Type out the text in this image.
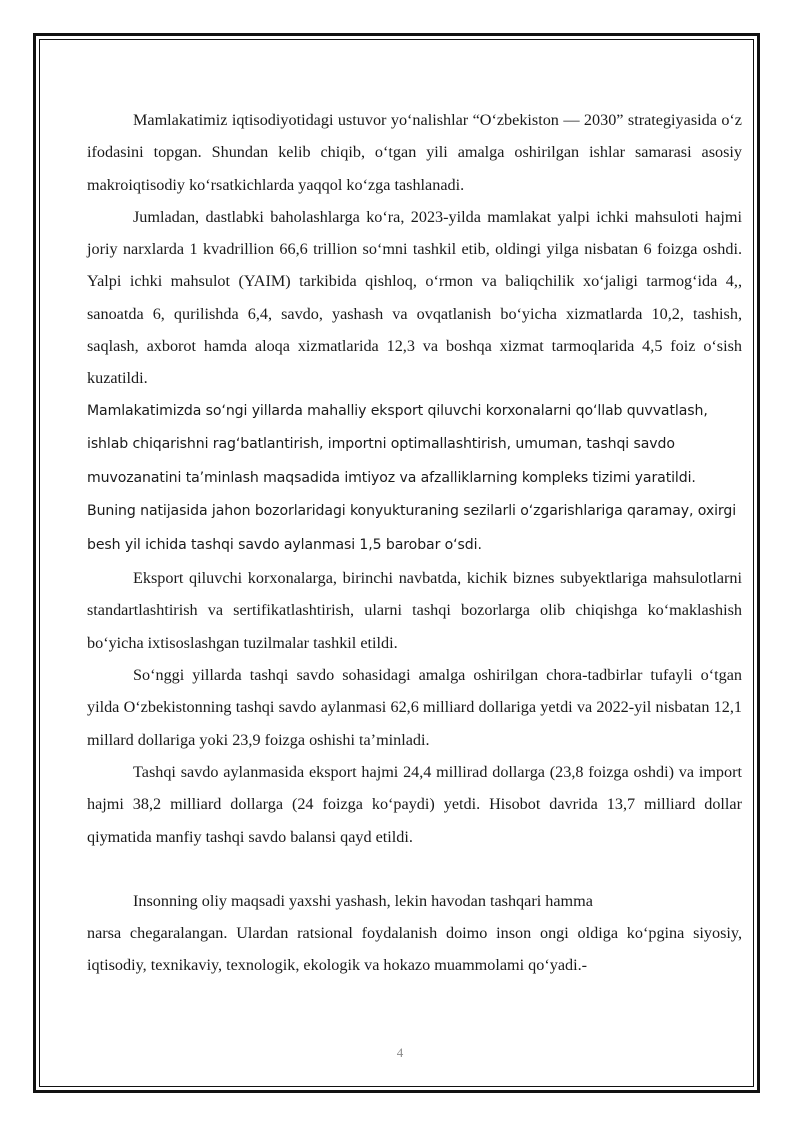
Mamlakatimiz iqtisodiyotidagi ustuvor yo‘nalishlar “O‘zbekiston — 2030” strategiyasida o‘z ifodasini topgan. Shundan kelib chiqib, o‘tgan yili amalga oshirilgan ishlar samarasi asosiy makroiqtisodiy ko‘rsatkichlarda yaqqol ko‘zga tashlanadi.

Jumladan, dastlabki baholashlarga ko‘ra, 2023-yilda mamlakat yalpi ichki mahsuloti hajmi joriy narxlarda 1 kvadrillion 66,6 trillion so‘mni tashkil etib, oldingi yilga nisbatan 6 foizga oshdi. Yalpi ichki mahsulot (YAIM) tarkibida qishloq, o‘rmon va baliqchilik xo‘jaligi tarmog‘ida 4,, sanoatda 6, qurilishda 6,4, savdo, yashash va ovqatlanish bo‘yicha xizmatlarda 10,2, tashish, saqlash, axborot hamda aloqa xizmatlarida 12,3 va boshqa xizmat tarmoqlarida 4,5 foiz o‘sish kuzatildi.

Mamlakatimizda so‘ngi yillarda mahalliy eksport qiluvchi korxonalarni qo‘llab quvvatlash, ishlab chiqarishni rag‘batlantirish, importni optimallashtirish, umuman, tashqi savdo muvozanatini ta’minlash maqsadida imtiyoz va afzalliklarning kompleks tizimi yaratildi. Buning natijasida jahon bozorlaridagi konyukturaning sezilarli o‘zgarishlariga qaramay, oxirgi besh yil ichida tashqi savdo aylanmasi 1,5 barobar o‘sdi.

Eksport qiluvchi korxonalarga, birinchi navbatda, kichik biznes subyektlariga mahsulotlarni standartlashtirish va sertifikatlashtirish, ularni tashqi bozorlarga olib chiqishga ko‘maklashish bo‘yicha ixtisoslashgan tuzilmalar tashkil etildi.

So‘nggi yillarda tashqi savdo sohasidagi amalga oshirilgan chora-tadbirlar tufayli o‘tgan yilda O‘zbekistonning tashqi savdo aylanmasi 62,6 milliard dollariga yetdi va 2022-yil nisbatan 12,1 millard dollariga yoki 23,9 foizga oshishi ta’minladi.

Tashqi savdo aylanmasida eksport hajmi 24,4 millirad dollarga (23,8 foizga oshdi) va import hajmi 38,2 milliard dollarga (24 foizga ko‘paydi) yetdi. Hisobot davrida 13,7 milliard dollar qiymatida manfiy tashqi savdo balansi qayd etildi.

Insonning oliy maqsadi yaxshi yashash, lekin havodan tashqari hamma

narsa chegaralangan. Ulardan ratsional foydalanish doimo inson ongi oldiga ko‘pgina siyosiy, iqtisodiy, texnikaviy, texnologik, ekologik va hokazo muammolami qo‘yadi.-

4
